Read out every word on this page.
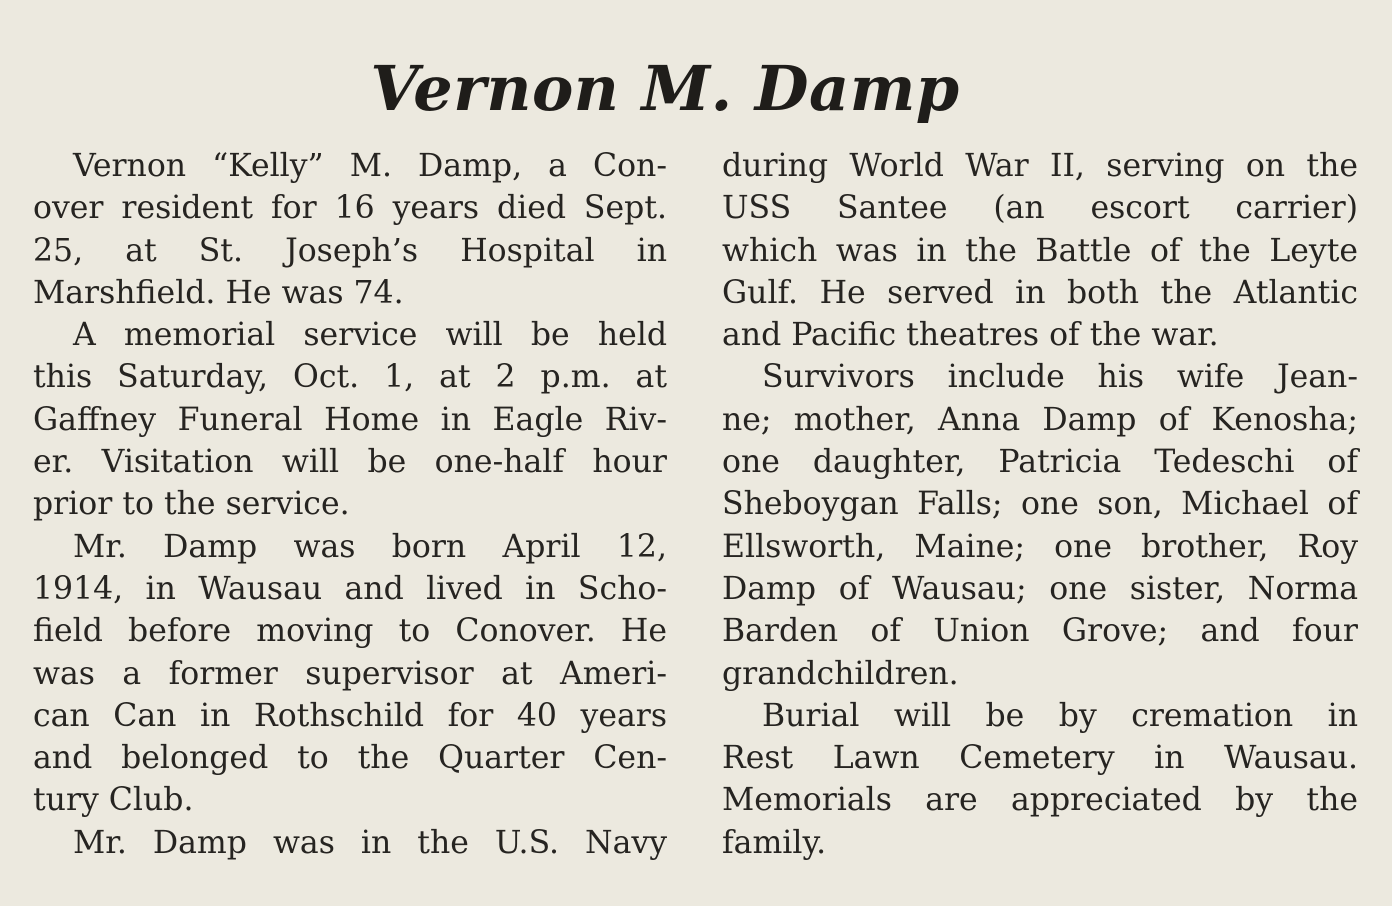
Vernon M. Damp
Vernon “Kelly” M. Damp, a Con-
over resident for 16 years died Sept.
25, at St. Joseph’s Hospital in
Marshfield. He was 74.
A memorial service will be held
this Saturday, Oct. 1, at 2 p.m. at
Gaffney Funeral Home in Eagle Riv-
er. Visitation will be one-half hour
prior to the service.
Mr. Damp was born April 12,
1914, in Wausau and lived in Scho-
field before moving to Conover. He
was a former supervisor at Ameri-
can Can in Rothschild for 40 years
and belonged to the Quarter Cen-
tury Club.
Mr. Damp was in the U.S. Navy
during World War II, serving on the
USS Santee (an escort carrier)
which was in the Battle of the Leyte
Gulf. He served in both the Atlantic
and Pacific theatres of the war.
Survivors include his wife Jean-
ne; mother, Anna Damp of Kenosha;
one daughter, Patricia Tedeschi of
Sheboygan Falls; one son, Michael of
Ellsworth, Maine; one brother, Roy
Damp of Wausau; one sister, Norma
Barden of Union Grove; and four
grandchildren.
Burial will be by cremation in
Rest Lawn Cemetery in Wausau.
Memorials are appreciated by the
family.
